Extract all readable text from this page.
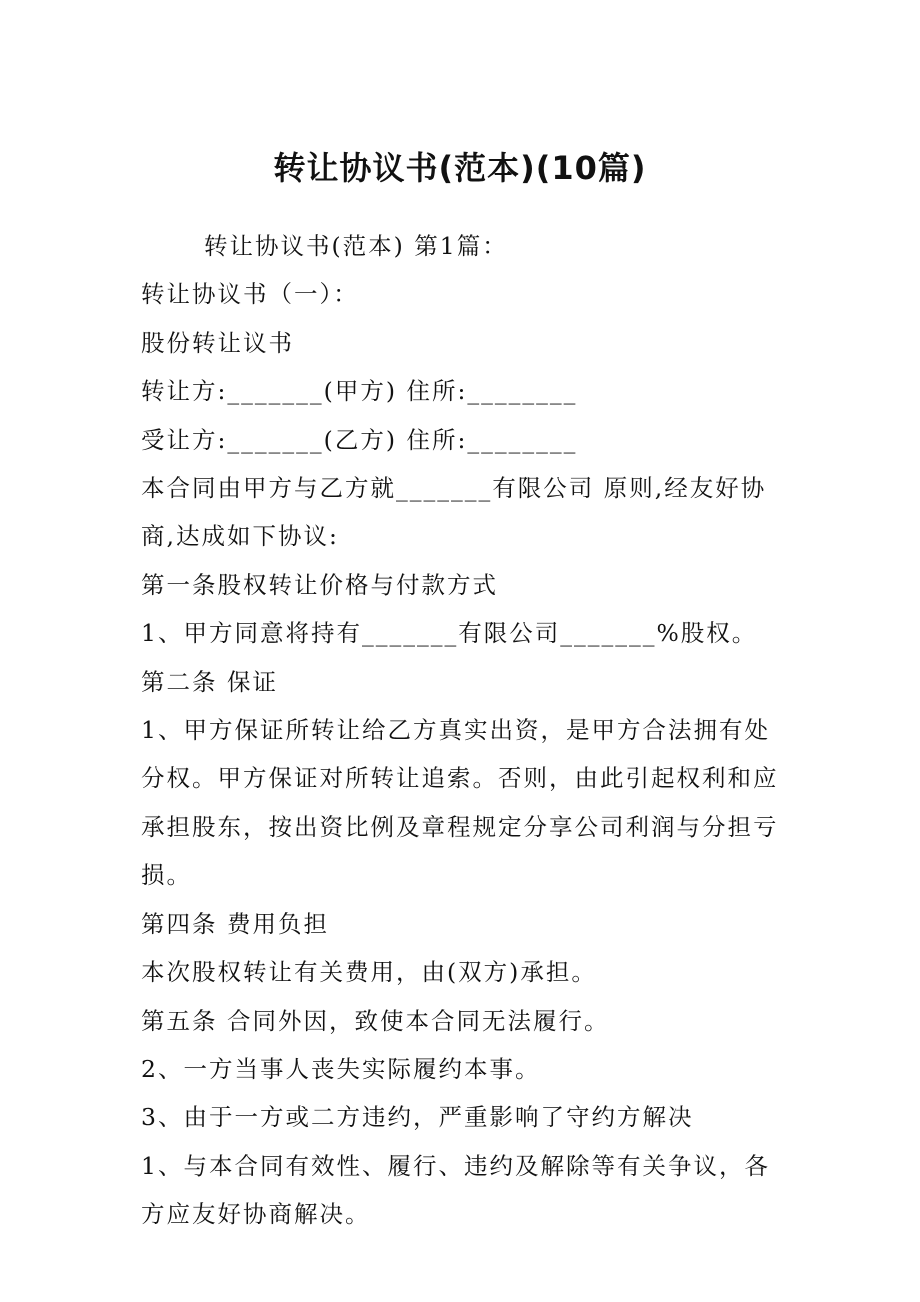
转让协议书(范本)(10篇)

转让协议书(范本) 第1篇：

转让协议书（一）：

股份转让议书

转让方:_______(甲方) 住所:________

受让方:_______(乙方) 住所:________

本合同由甲方与乙方就_______有限公司 原则,经友好协商,达成如下协议:

第一条股权转让价格与付款方式

1、甲方同意将持有_______有限公司_______%股权。

第二条 保证

1、甲方保证所转让给乙方真实出资，是甲方合法拥有处分权。甲方保证对所转让追索。否则，由此引起权利和应承担股东，按出资比例及章程规定分享公司利润与分担亏损。

第四条 费用负担

本次股权转让有关费用，由(双方)承担。

第五条 合同外因，致使本合同无法履行。

2、一方当事人丧失实际履约本事。

3、由于一方或二方违约，严重影响了守约方解决

1、与本合同有效性、履行、违约及解除等有关争议，各方应友好协商解决。
